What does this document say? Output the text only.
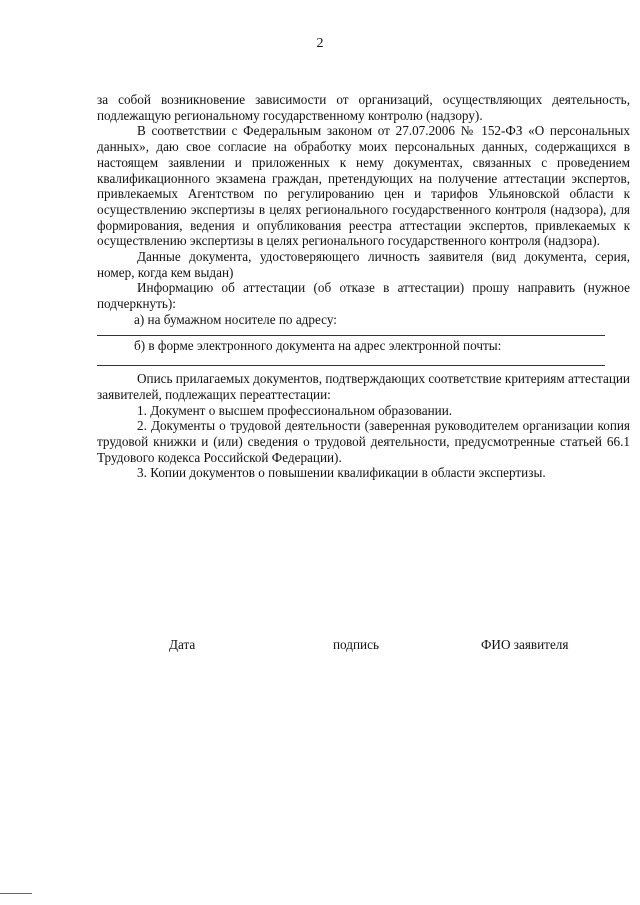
2

за собой возникновение зависимости от организаций, осуществляющих деятельность, подлежащую региональному государственному контролю (надзору).

В соответствии с Федеральным законом от 27.07.2006 № 152-ФЗ «О персональных данных», даю свое согласие на обработку моих персональных данных, содержащихся в настоящем заявлении и приложенных к нему документах, связанных с проведением квалификационного экзамена граждан, претендующих на получение аттестации экспертов, привлекаемых Агентством по регулированию цен и тарифов Ульяновской области к осуществлению экспертизы в целях регионального государственного контроля (надзора), для формирования, ведения и опубликования реестра аттестации экспертов, привлекаемых к осуществлению экспертизы в целях регионального государственного контроля (надзора).

Данные документа, удостоверяющего личность заявителя (вид документа, серия, номер, когда кем выдан)

Информацию об аттестации (об отказе в аттестации) прошу направить (нужное подчеркнуть):

а) на бумажном носителе по адресу:

б) в форме электронного документа на адрес электронной почты:

Опись прилагаемых документов, подтверждающих соответствие критериям аттестации заявителей, подлежащих переаттестации:

1. Документ о высшем профессиональном образовании.

2. Документы о трудовой деятельности (заверенная руководителем организации копия трудовой книжки и (или) сведения о трудовой деятельности, предусмотренные статьей 66.1 Трудового кодекса Российской Федерации).

3. Копии документов о повышении квалификации в области экспертизы.

Дата	подпись	ФИО заявителя
